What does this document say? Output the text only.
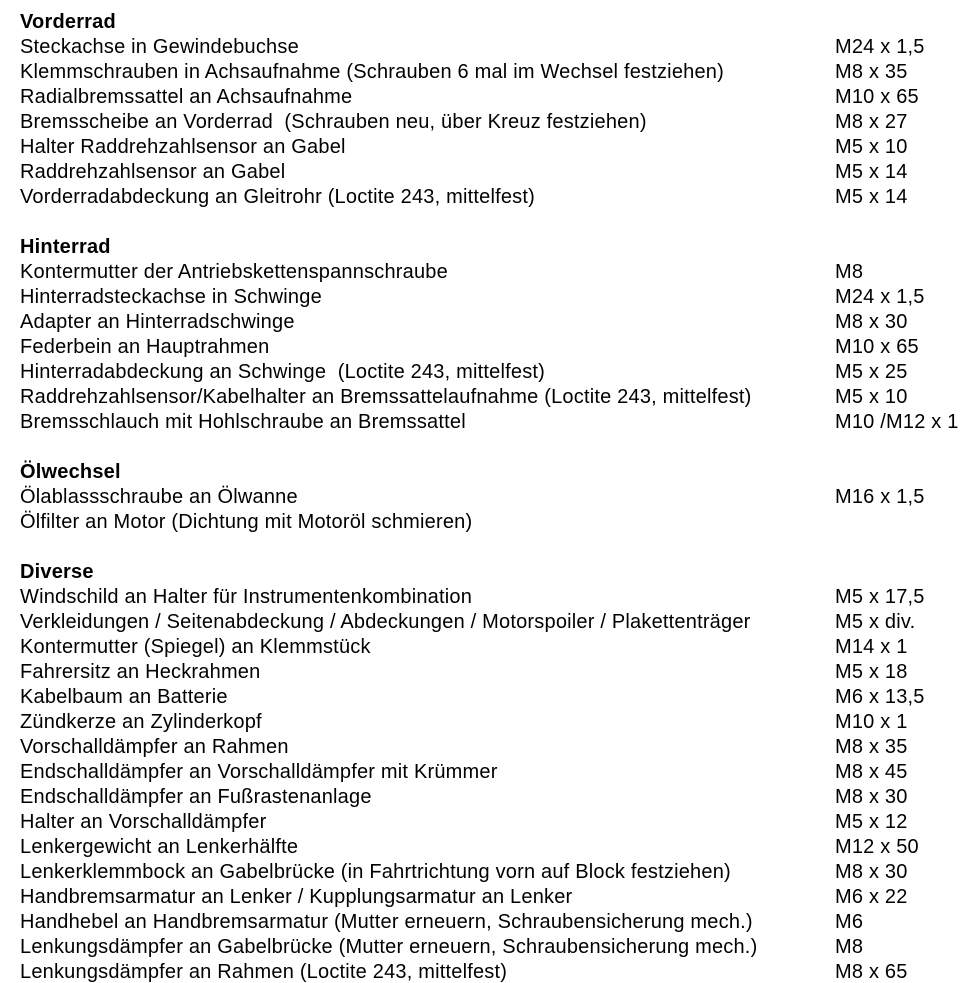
Vorderrad
Steckachse in Gewindebuchse	M24 x 1,5
Klemmschrauben in Achsaufnahme (Schrauben 6 mal im Wechsel festziehen)	M8 x 35
Radialbremssattel an Achsaufnahme	M10 x 65
Bremsscheibe an Vorderrad  (Schrauben neu, über Kreuz festziehen)	M8 x 27
Halter Raddrehzahlsensor an Gabel	M5 x 10
Raddrehzahlsensor an Gabel	M5 x 14
Vorderradabdeckung an Gleitrohr (Loctite 243, mittelfest)	M5 x 14
Hinterrad
Kontermutter der Antriebskettenspannschraube	M8
Hinterradsteckachse in Schwinge	M24 x 1,5
Adapter an Hinterradschwinge	M8 x 30
Federbein an Hauptrahmen	M10 x 65
Hinterradabdeckung an Schwinge  (Loctite 243, mittelfest)	M5 x 25
Raddrehzahlsensor/Kabelhalter an Bremssattelaufnahme (Loctite 243, mittelfest)	M5 x 10
Bremsschlauch mit Hohlschraube an Bremssattel	M10 /M12 x 1
Ölwechsel
Ölablassschraube an Ölwanne	M16 x 1,5
Ölfilter an Motor (Dichtung mit Motoröl schmieren)
Diverse
Windschild an Halter für Instrumentenkombination	M5 x 17,5
Verkleidungen / Seitenabdeckung / Abdeckungen / Motorspoiler / Plakettenträger	M5 x div.
Kontermutter (Spiegel) an Klemmstück	M14 x 1
Fahrersitz an Heckrahmen	M5 x 18
Kabelbaum an Batterie	M6 x 13,5
Zündkerze an Zylinderkopf	M10 x 1
Vorschalldämpfer an Rahmen	M8 x 35
Endschalldämpfer an Vorschalldämpfer mit Krümmer	M8 x 45
Endschalldämpfer an Fußrastenanlage	M8 x 30
Halter an Vorschalldämpfer	M5 x 12
Lenkergewicht an Lenkerhälfte	M12 x 50
Lenkerklemmbock an Gabelbrücke (in Fahrtrichtung vorn auf Block festziehen)	M8 x 30
Handbremsarmatur an Lenker / Kupplungsarmatur an Lenker	M6 x 22
Handhebel an Handbremsarmatur (Mutter erneuern, Schraubensicherung mech.)	M6
Lenkungsdämpfer an Gabelbrücke (Mutter erneuern, Schraubensicherung mech.)	M8
Lenkungsdämpfer an Rahmen (Loctite 243, mittelfest)	M8 x 65
